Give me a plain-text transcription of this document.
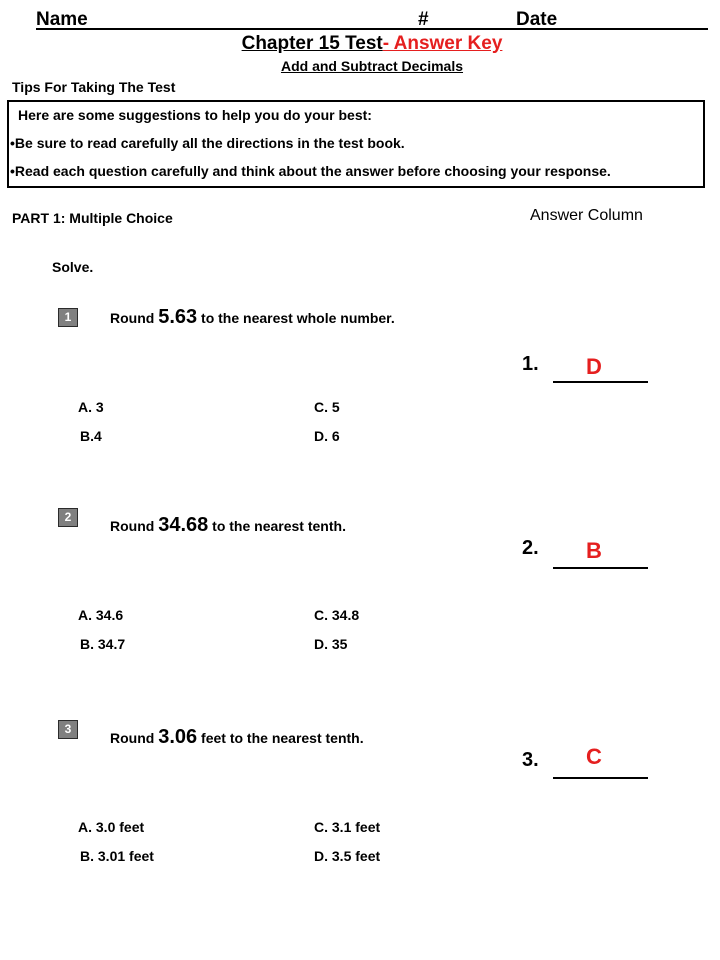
Name	#	Date
Chapter 15 Test- Answer Key
Add and Subtract Decimals
Tips For Taking The Test
Here are some suggestions to help you do your best:
•Be sure to read carefully all the directions in the test book.
•Read each question carefully and think about the answer before choosing your response.
PART 1: Multiple Choice	Answer Column
Solve.
1	Round 5.63 to the nearest whole number.
1. D
A. 3
B.4
C. 5
D. 6
2
Round 34.68 to the nearest tenth.
2. B
A. 34.6
B. 34.7
C. 34.8
D. 35
3
Round 3.06 feet to the nearest tenth.
3. C
A. 3.0 feet
B. 3.01 feet
C. 3.1 feet
D. 3.5 feet
